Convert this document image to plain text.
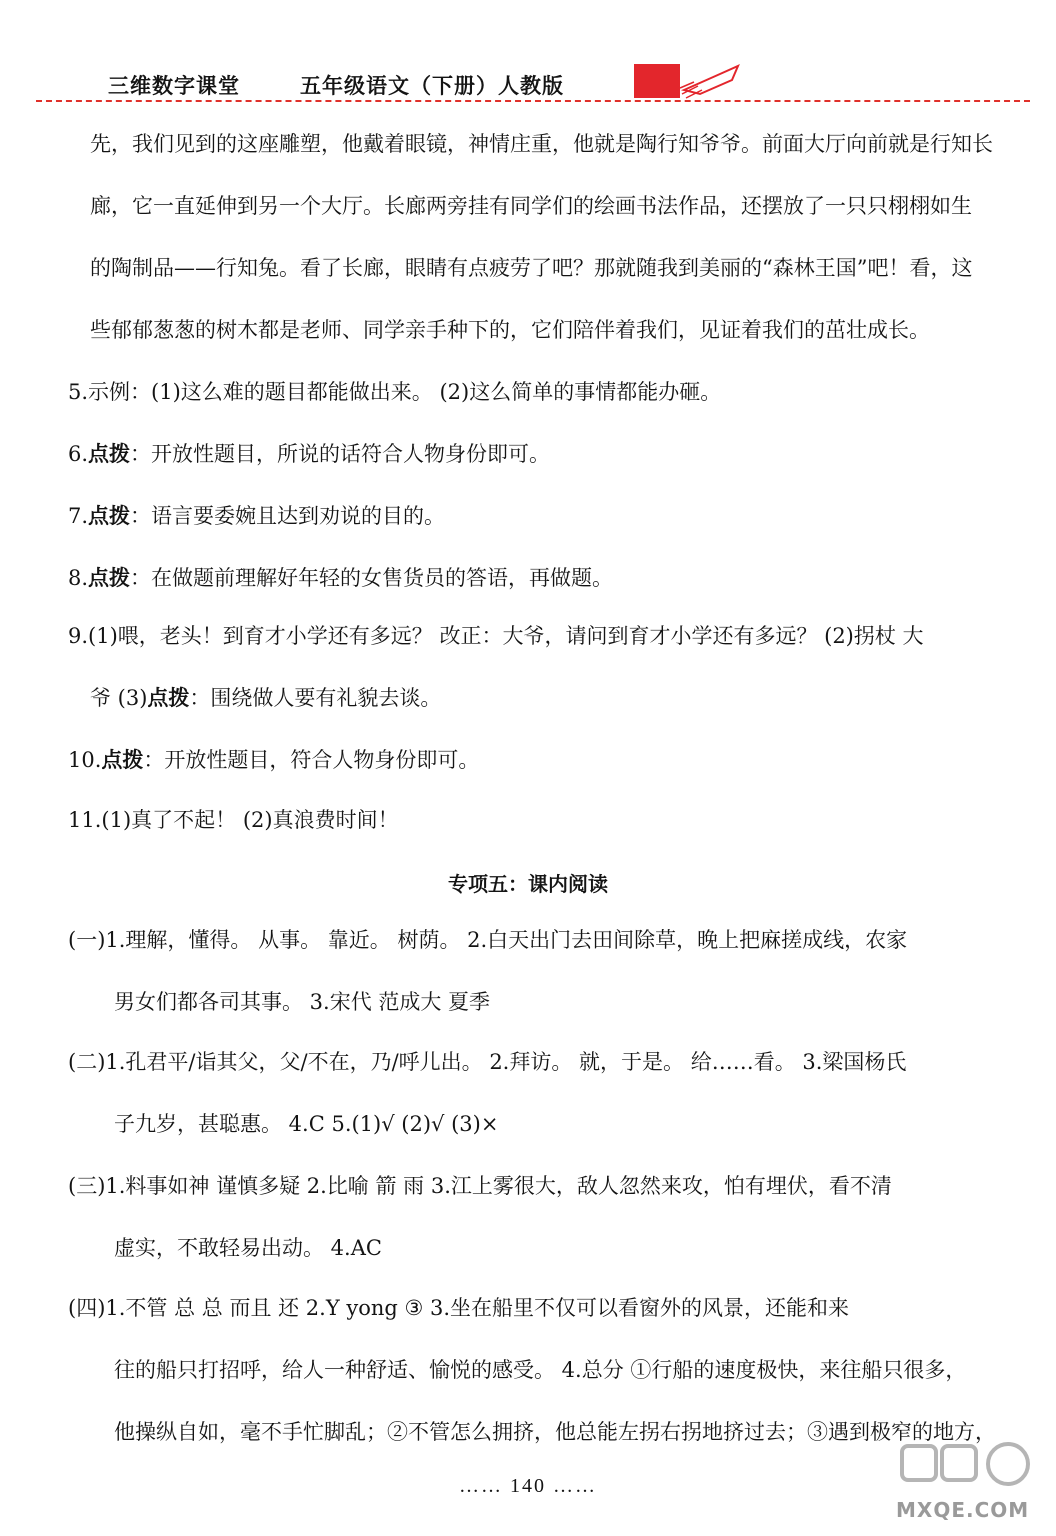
三维数字课堂	五年级语文（下册）人教版
先，我们见到的这座雕塑，他戴着眼镜，神情庄重，他就是陶行知爷爷。前面大厅向前就是行知长
廊，它一直延伸到另一个大厅。长廊两旁挂有同学们的绘画书法作品，还摆放了一只只栩栩如生
的陶制品——行知兔。看了长廊，眼睛有点疲劳了吧？那就随我到美丽的“森林王国”吧！看，这
些郁郁葱葱的树木都是老师、同学亲手种下的，它们陪伴着我们，见证着我们的茁壮成长。
5.示例：(1)这么难的题目都能做出来。 (2)这么简单的事情都能办砸。
6.点拨：开放性题目，所说的话符合人物身份即可。
7.点拨：语言要委婉且达到劝说的目的。
8.点拨：在做题前理解好年轻的女售货员的答语，再做题。
9.(1)喂，老头！到育才小学还有多远？ 改正：大爷，请问到育才小学还有多远？ (2)拐杖 大
爷 (3)点拨：围绕做人要有礼貌去谈。
10.点拨：开放性题目，符合人物身份即可。
11.(1)真了不起！ (2)真浪费时间！
专项五：课内阅读
(一)1.理解，懂得。 从事。 靠近。 树荫。 2.白天出门去田间除草，晚上把麻搓成线，农家
男女们都各司其事。 3.宋代 范成大 夏季
(二)1.孔君平/诣其父，父/不在，乃/呼儿出。 2.拜访。 就，于是。 给……看。 3.梁国杨氏
子九岁，甚聪惠。 4.C 5.(1)√ (2)√ (3)×
(三)1.料事如神 谨慎多疑 2.比喻 箭 雨 3.江上雾很大，敌人忽然来攻，怕有埋伏，看不清
虚实，不敢轻易出动。 4.AC
(四)1.不管 总 总 而且 还 2.Y yong ③ 3.坐在船里不仅可以看窗外的风景，还能和来
往的船只打招呼，给人一种舒适、愉悦的感受。 4.总分 ①行船的速度极快，来往船只很多，
他操纵自如，毫不手忙脚乱；②不管怎么拥挤，他总能左拐右拐地挤过去；③遇到极窄的地方，
…… 140 ……
MXQE.COM
